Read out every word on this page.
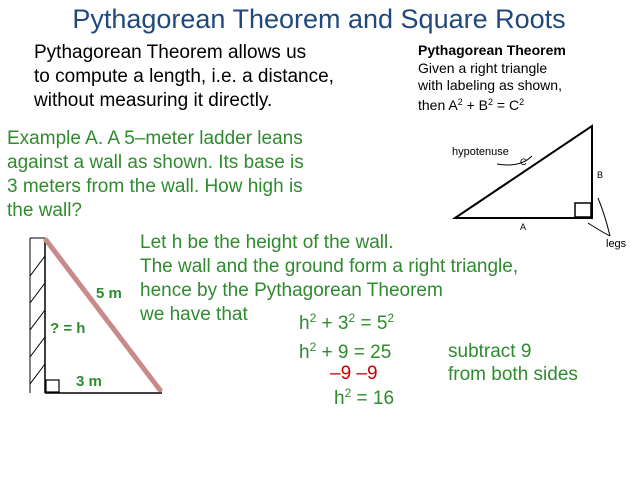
Pythagorean Theorem and Square Roots
Pythagorean Theorem allows us
to compute a length, i.e. a distance,
without measuring it directly.
Pythagorean Theorem
Given a right triangle
with labeling as shown,
then $A^2 + B^2 = C^2$
hypotenuse
C
B
A
legs
Example A. A 5–meter ladder leans
against a wall as shown. Its base is
3 meters from the wall. How high is
the wall?
5 m
? = h
3 m
Let h be the height of the wall.
The wall and the ground form a right triangle,
hence by the Pythagorean Theorem
we have that	$h^2 + 3^2 = 5^2$
$h^2 + 9 = 25$
–9 –9
$h^2 = 16$
subtract 9
from both sides
